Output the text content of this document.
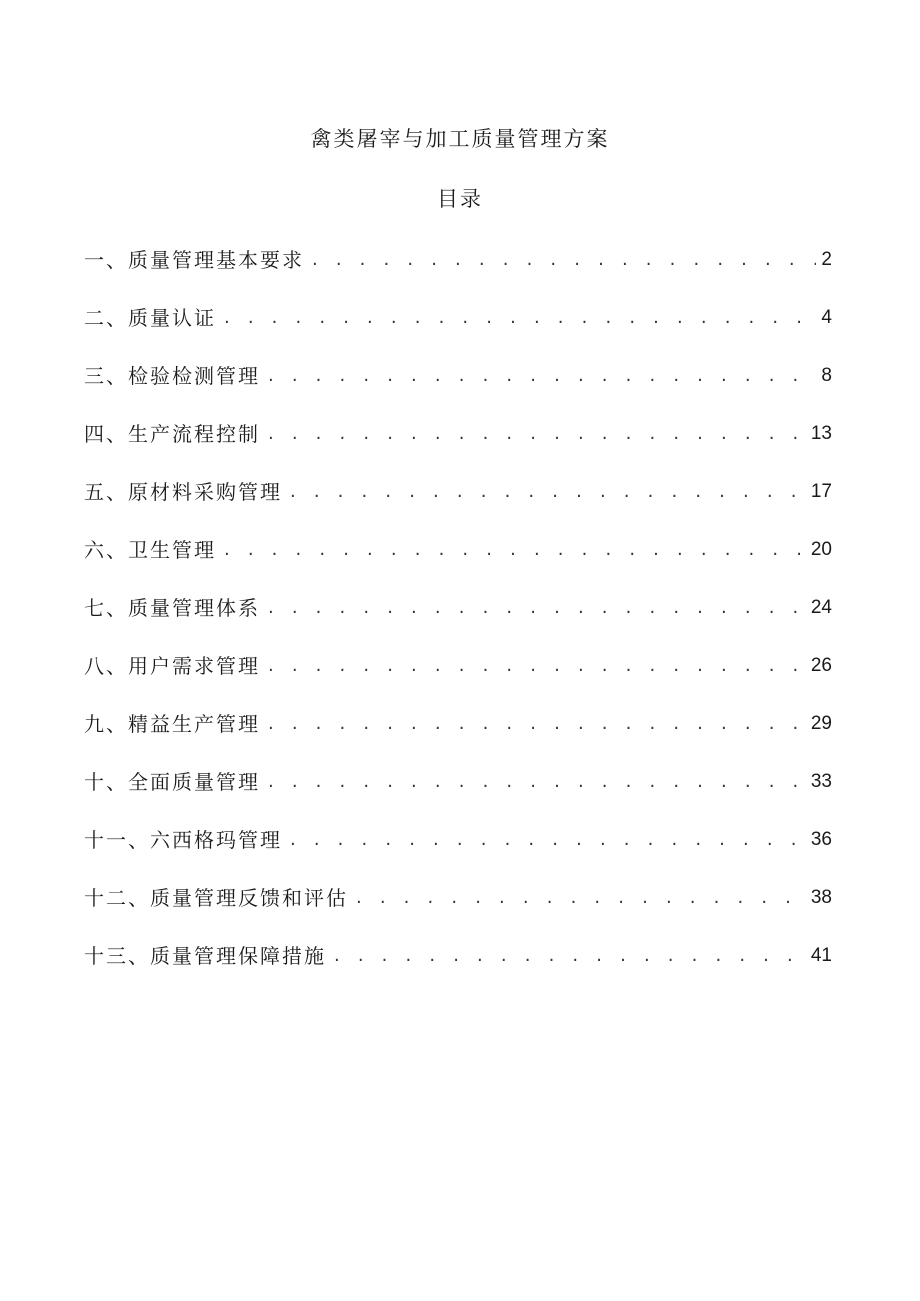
禽类屠宰与加工质量管理方案
目录
一、质量管理基本要求 . . .	2
二、质量认证 . . .	4
三、检验检测管理 . . .	8
四、生产流程控制 . . .	13
五、原材料采购管理 . . .	17
六、卫生管理 . . .	20
七、质量管理体系 . . .	24
八、用户需求管理 . . .	26
九、精益生产管理 . . .	29
十、全面质量管理 . . .	33
十一、六西格玛管理 . . .	36
十二、质量管理反馈和评估 . . .	38
十三、质量管理保障措施 . . .	41
